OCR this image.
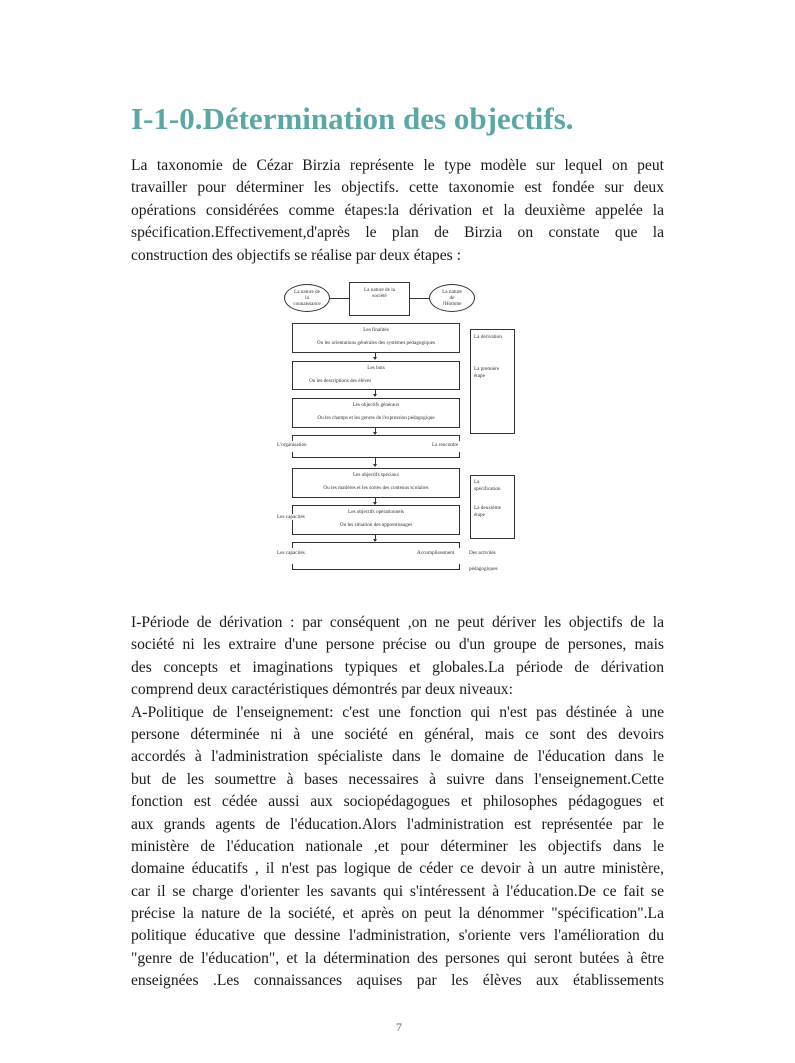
I-1-0.Détermination des objectifs.
La taxonomie de Cézar Birzia représente le type modèle sur lequel on peut
travailler pour déterminer les objectifs. cette taxonomie est fondée sur deux
opérations considérées comme étapes:la dérivation et la deuxième appelée la
spécification.Effectivement,d'après le plan de Birzia on constate que la
construction des objectifs se réalise par deux étapes :
La nature de
la
connaissance
La nature de la
société
La nature
de
l'Homme
Les finalités
Ou les orientations générales des systèmes pédagogiques
Les buts
Ou les descriptions des élèves
Les objectifs généraux
Ou les champs et les genres de l'expression pédagogique
L'organisation	La rencontre
Les objectifs spéciaux
Ou les matières et les sortes des contenus scolaires
Les objectifs opérationnels
Ou les situation des apprentissages
Les capacités
Les capacités	Accomplissement	Des activités
pédagogiques
La dérivation
La première
étape
La
spécification
La deuxième
étape
I-Période de dérivation : par conséquent ,on ne peut dériver les objectifs de la
société ni les extraire d'une persone précise ou d'un groupe de persones, mais
des concepts et imaginations typiques et globales.La période de dérivation
comprend deux caractéristiques démontrés par deux niveaux:
A-Politique de l'enseignement: c'est une fonction qui n'est pas déstinée à une
persone déterminée ni à une société en général, mais ce sont des devoirs
accordés à l'administration spécialiste dans le domaine de l'éducation dans le
but de les soumettre à bases necessaires à suivre dans l'enseignement.Cette
fonction est cédée aussi aux sociopédagogues et philosophes pédagogues et
aux grands agents de l'éducation.Alors l'administration est représentée par le
ministère de l'éducation nationale ,et pour déterminer les objectifs dans le
domaine éducatifs , il n'est pas logique de céder ce devoir à un autre ministère,
car il se charge d'orienter les savants qui s'intéressent à l'éducation.De ce fait se
précise la nature de la société, et après on peut la dénommer "spécification".La
politique éducative que dessine l'administration, s'oriente vers l'amélioration du
"genre de l'éducation", et la détermination des persones qui seront butées à être
enseignées .Les connaissances aquises par les élèves aux établissements
7
